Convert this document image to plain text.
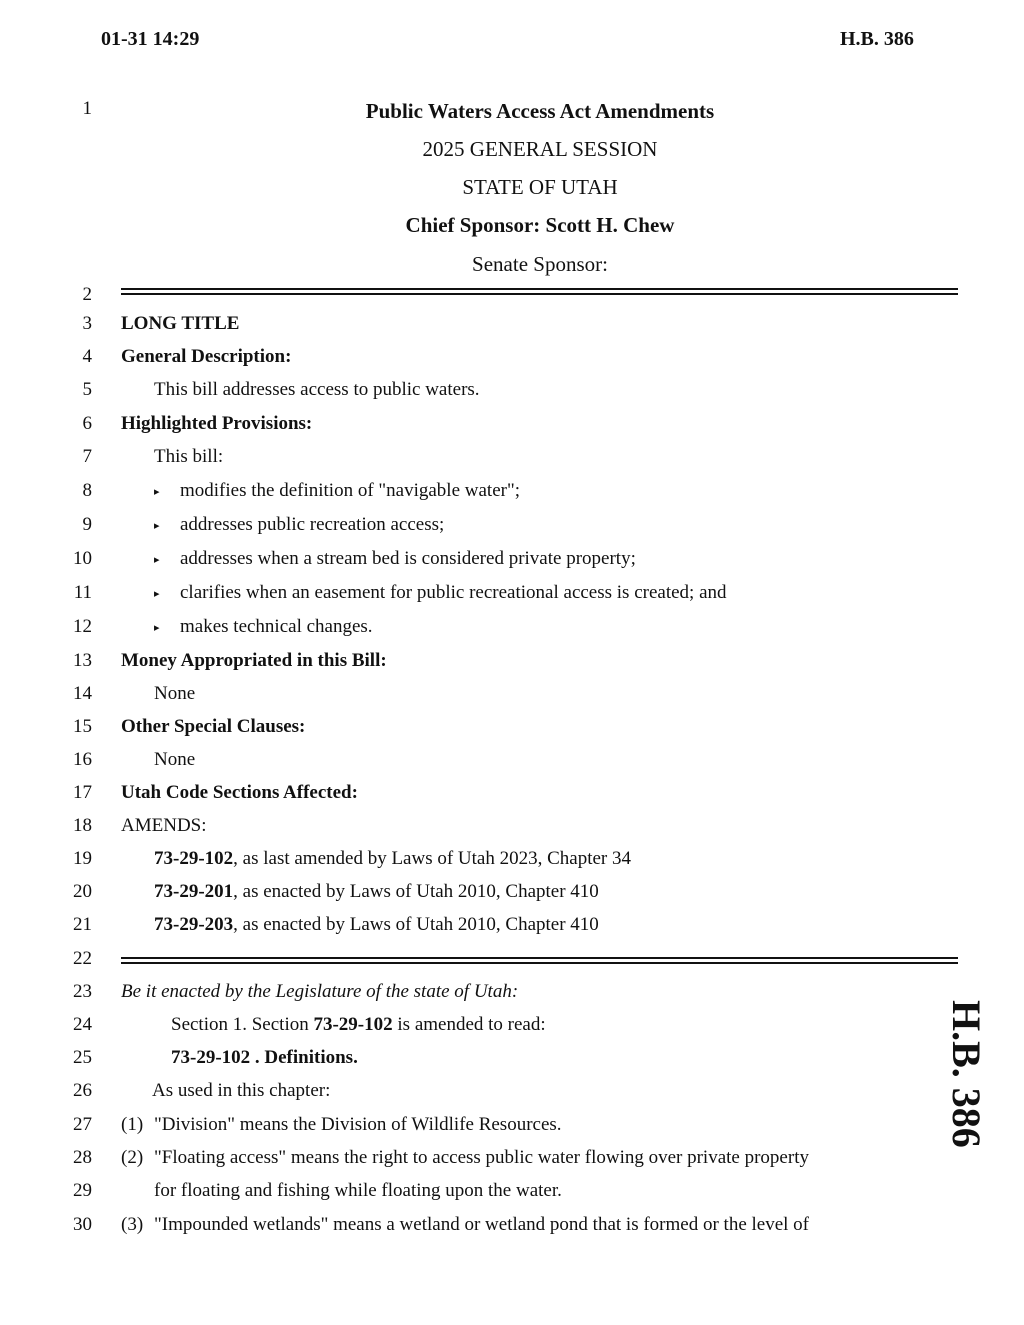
01-31 14:29	H.B. 386
1
2
3
4
5
6
7
8
9
10
11
12
13
14
15
16
17
18
19
20
21
22
23
24
25
26
27
28
29
30
Public Waters Access Act Amendments
2025 GENERAL SESSION
STATE OF UTAH
Chief Sponsor: Scott H. Chew
Senate Sponsor:
LONG TITLE
General Description:
This bill addresses access to public waters.
Highlighted Provisions:
This bill:
▸ modifies the definition of "navigable water";
▸ addresses public recreation access;
▸ addresses when a stream bed is considered private property;
▸ clarifies when an easement for public recreational access is created; and
▸ makes technical changes.
Money Appropriated in this Bill:
None
Other Special Clauses:
None
Utah Code Sections Affected:
AMENDS:
73-29-102, as last amended by Laws of Utah 2023, Chapter 34
73-29-201, as enacted by Laws of Utah 2010, Chapter 410
73-29-203, as enacted by Laws of Utah 2010, Chapter 410
Be it enacted by the Legislature of the state of Utah:
Section 1. Section 73-29-102 is amended to read:
73-29-102 . Definitions.
As used in this chapter:
(1) "Division" means the Division of Wildlife Resources.
(2) "Floating access" means the right to access public water flowing over private property
for floating and fishing while floating upon the water.
(3) "Impounded wetlands" means a wetland or wetland pond that is formed or the level of
H.B. 386
